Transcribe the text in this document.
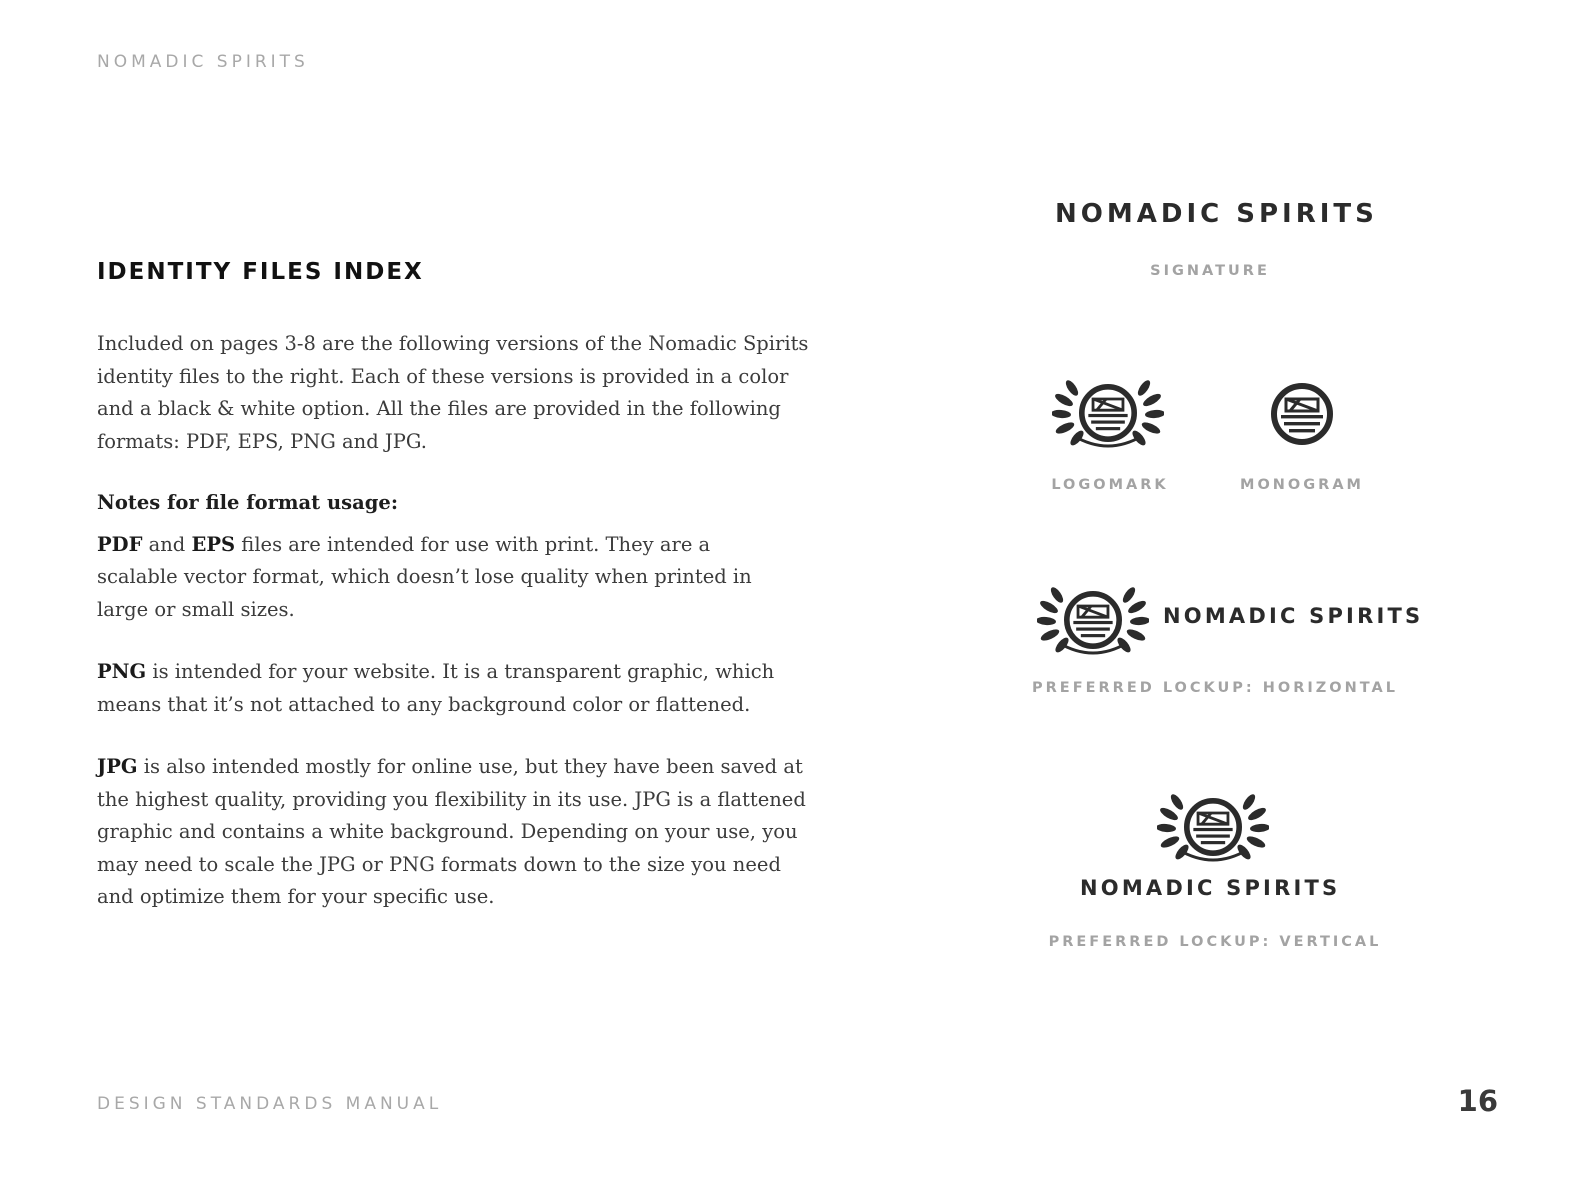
NOMADIC SPIRITS
IDENTITY FILES INDEX

Included on pages 3-8 are the following versions of the Nomadic Spirits identity files to the right. Each of these versions is provided in a color and a black & white option. All the files are provided in the following formats: PDF, EPS, PNG and JPG.

Notes for file format usage:

PDF and EPS files are intended for use with print. They are a scalable vector format, which doesn’t lose quality when printed in large or small sizes.

PNG is intended for your website. It is a transparent graphic, which means that it’s not attached to any background color or flattened.

JPG is also intended mostly for online use, but they have been saved at the highest quality, providing you flexibility in its use. JPG is a flattened graphic and contains a white background. Depending on your use, you may need to scale the JPG or PNG formats down to the size you need and optimize them for your specific use.

NOMADIC SPIRITS
SIGNATURE
LOGOMARK	MONOGRAM
NOMADIC SPIRITS
PREFERRED LOCKUP: HORIZONTAL
NOMADIC SPIRITS
PREFERRED LOCKUP: VERTICAL
DESIGN STANDARDS MANUAL	16
